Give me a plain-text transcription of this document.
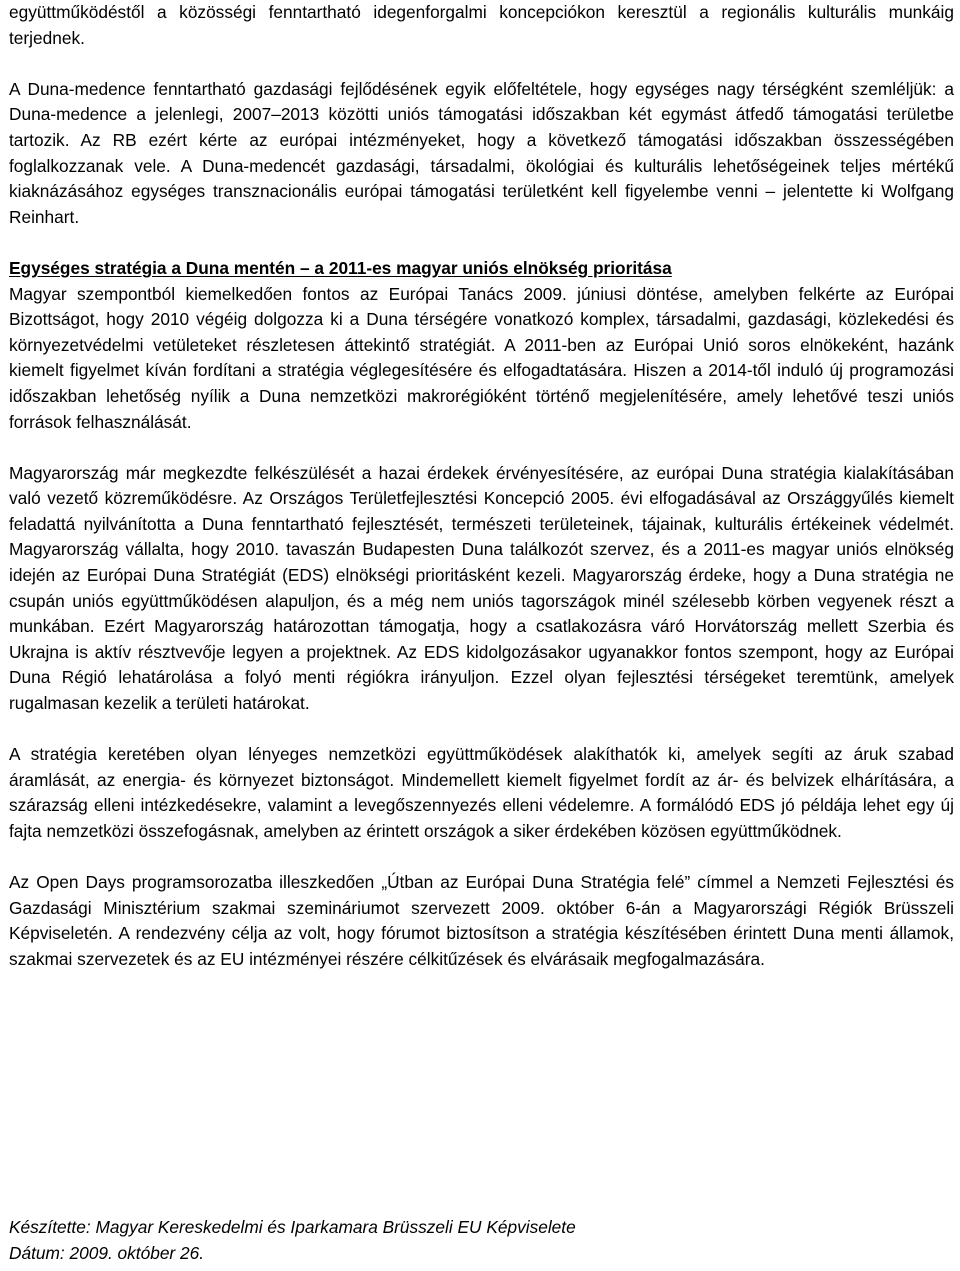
együttműködéstől a közösségi fenntartható idegenforgalmi koncepciókon keresztül a regionális kulturális munkáig terjednek.

A Duna-medence fenntartható gazdasági fejlődésének egyik előfeltétele, hogy egységes nagy térségként szemléljük: a Duna-medence a jelenlegi, 2007–2013 közötti uniós támogatási időszakban két egymást átfedő támogatási területbe tartozik. Az RB ezért kérte az európai intézményeket, hogy a következő támogatási időszakban összességében foglalkozzanak vele. A Duna-medencét gazdasági, társadalmi, ökológiai és kulturális lehetőségeinek teljes mértékű kiaknázásához egységes transznacionális európai támogatási területként kell figyelembe venni – jelentette ki Wolfgang Reinhart.

Egységes stratégia a Duna mentén – a 2011-es magyar uniós elnökség prioritása

Magyar szempontból kiemelkedően fontos az Európai Tanács 2009. júniusi döntése, amelyben felkérte az Európai Bizottságot, hogy 2010 végéig dolgozza ki a Duna térségére vonatkozó komplex, társadalmi, gazdasági, közlekedési és környezetvédelmi vetületeket részletesen áttekintő stratégiát. A 2011-ben az Európai Unió soros elnökeként, hazánk kiemelt figyelmet kíván fordítani a stratégia véglegesítésére és elfogadtatására. Hiszen a 2014-től induló új programozási időszakban lehetőség nyílik a Duna nemzetközi makrorégióként történő megjelenítésére, amely lehetővé teszi uniós források felhasználását.

Magyarország már megkezdte felkészülését a hazai érdekek érvényesítésére, az európai Duna stratégia kialakításában való vezető közreműködésre. Az Országos Területfejlesztési Koncepció 2005. évi elfogadásával az Országgyűlés kiemelt feladattá nyilvánította a Duna fenntartható fejlesztését, természeti területeinek, tájainak, kulturális értékeinek védelmét. Magyarország vállalta, hogy 2010. tavaszán Budapesten Duna találkozót szervez, és a 2011-es magyar uniós elnökség idején az Európai Duna Stratégiát (EDS) elnökségi prioritásként kezeli. Magyarország érdeke, hogy a Duna stratégia ne csupán uniós együttműködésen alapuljon, és a még nem uniós tagországok minél szélesebb körben vegyenek részt a munkában. Ezért Magyarország határozottan támogatja, hogy a csatlakozásra váró Horvátország mellett Szerbia és Ukrajna is aktív résztvevője legyen a projektnek. Az EDS kidolgozásakor ugyanakkor fontos szempont, hogy az Európai Duna Régió lehatárolása a folyó menti régiókra irányuljon. Ezzel olyan fejlesztési térségeket teremtünk, amelyek rugalmasan kezelik a területi határokat.

A stratégia keretében olyan lényeges nemzetközi együttműködések alakíthatók ki, amelyek segíti az áruk szabad áramlását, az energia- és környezet biztonságot. Mindemellett kiemelt figyelmet fordít az ár- és belvizek elhárítására, a szárazság elleni intézkedésekre, valamint a levegőszennyezés elleni védelemre. A formálódó EDS jó példája lehet egy új fajta nemzetközi összefogásnak, amelyben az érintett országok a siker érdekében közösen együttműködnek.

Az Open Days programsorozatba illeszkedően „Útban az Európai Duna Stratégia felé” címmel a Nemzeti Fejlesztési és Gazdasági Minisztérium szakmai szemináriumot szervezett 2009. október 6-án a Magyarországi Régiók Brüsszeli Képviseletén. A rendezvény célja az volt, hogy fórumot biztosítson a stratégia készítésében érintett Duna menti államok, szakmai szervezetek és az EU intézményei részére célkitűzések és elvárásaik megfogalmazására.

Készítette: Magyar Kereskedelmi és Iparkamara Brüsszeli EU Képviselete
Dátum: 2009. október 26.
